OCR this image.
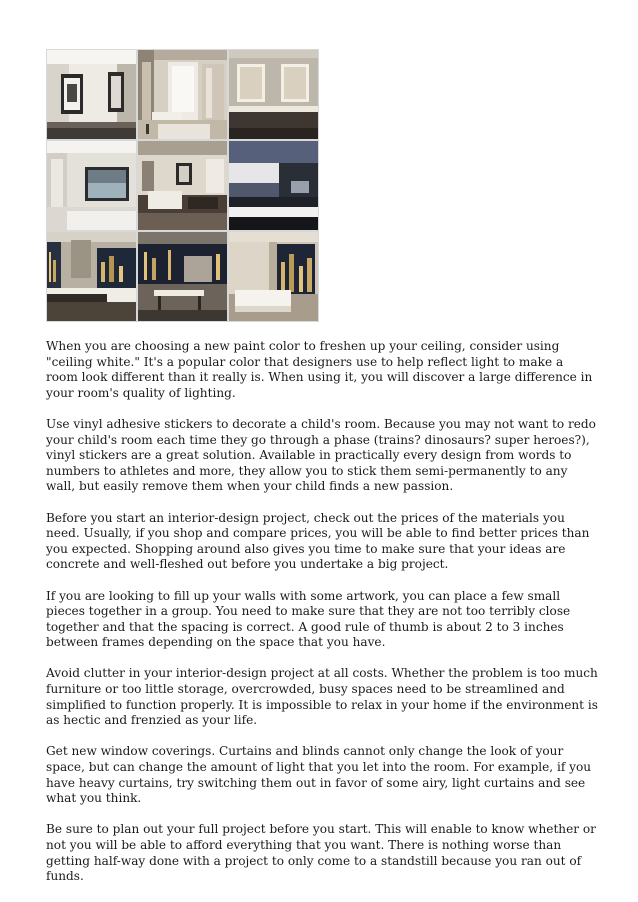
When you are choosing a new paint color to freshen up your ceiling, consider using "ceiling white." It's a popular color that designers use to help reflect light to make a room look different than it really is. When using it, you will discover a large difference in your room's quality of lighting.

Use vinyl adhesive stickers to decorate a child's room. Because you may not want to redo your child's room each time they go through a phase (trains? dinosaurs? super heroes?), vinyl stickers are a great solution. Available in practically every design from words to numbers to athletes and more, they allow you to stick them semi-permanently to any wall, but easily remove them when your child finds a new passion.

Before you start an interior-design project, check out the prices of the materials you need. Usually, if you shop and compare prices, you will be able to find better prices than you expected. Shopping around also gives you time to make sure that your ideas are concrete and well-fleshed out before you undertake a big project.

If you are looking to fill up your walls with some artwork, you can place a few small pieces together in a group. You need to make sure that they are not too terribly close together and that the spacing is correct. A good rule of thumb is about 2 to 3 inches between frames depending on the space that you have.

Avoid clutter in your interior-design project at all costs. Whether the problem is too much furniture or too little storage, overcrowded, busy spaces need to be streamlined and simplified to function properly. It is impossible to relax in your home if the environment is as hectic and frenzied as your life.

Get new window coverings. Curtains and blinds cannot only change the look of your space, but can change the amount of light that you let into the room. For example, if you have heavy curtains, try switching them out in favor of some airy, light curtains and see what you think.

Be sure to plan out your full project before you start. This will enable to know whether or not you will be able to afford everything that you want. There is nothing worse than getting half-way done with a project to only come to a standstill because you ran out of funds.
